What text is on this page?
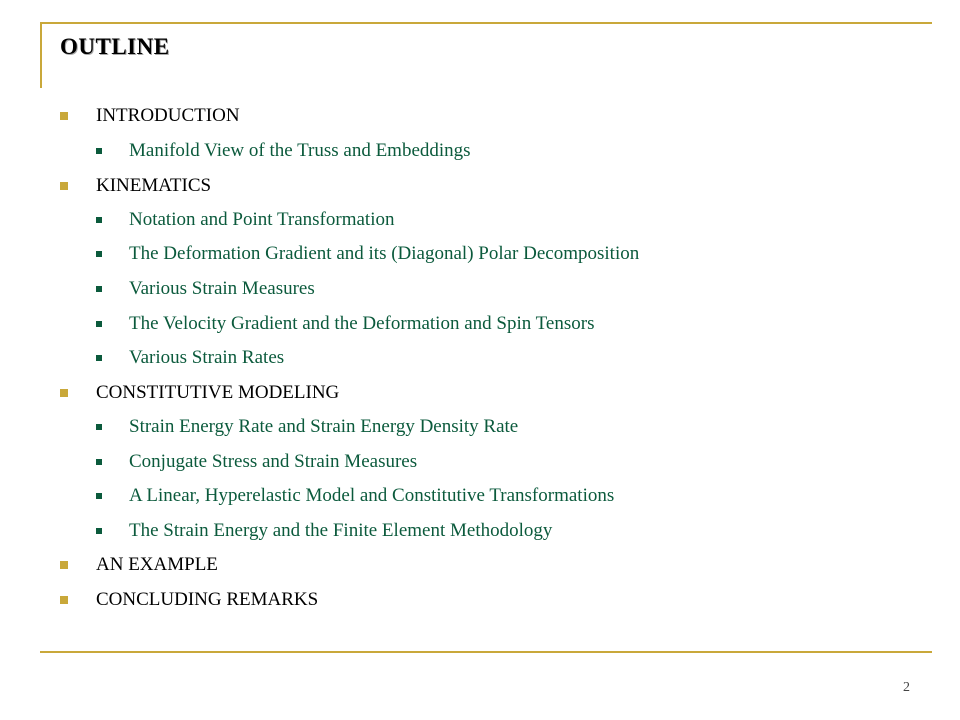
OUTLINE
INTRODUCTION
Manifold View of the Truss and Embeddings
KINEMATICS
Notation and Point Transformation
The Deformation Gradient and its (Diagonal) Polar Decomposition
Various Strain Measures
The Velocity Gradient and the Deformation and Spin Tensors
Various Strain Rates
CONSTITUTIVE MODELING
Strain Energy Rate and Strain Energy Density Rate
Conjugate Stress and Strain Measures
A Linear, Hyperelastic Model and Constitutive Transformations
The Strain Energy and the Finite Element Methodology
AN EXAMPLE
CONCLUDING REMARKS
2
